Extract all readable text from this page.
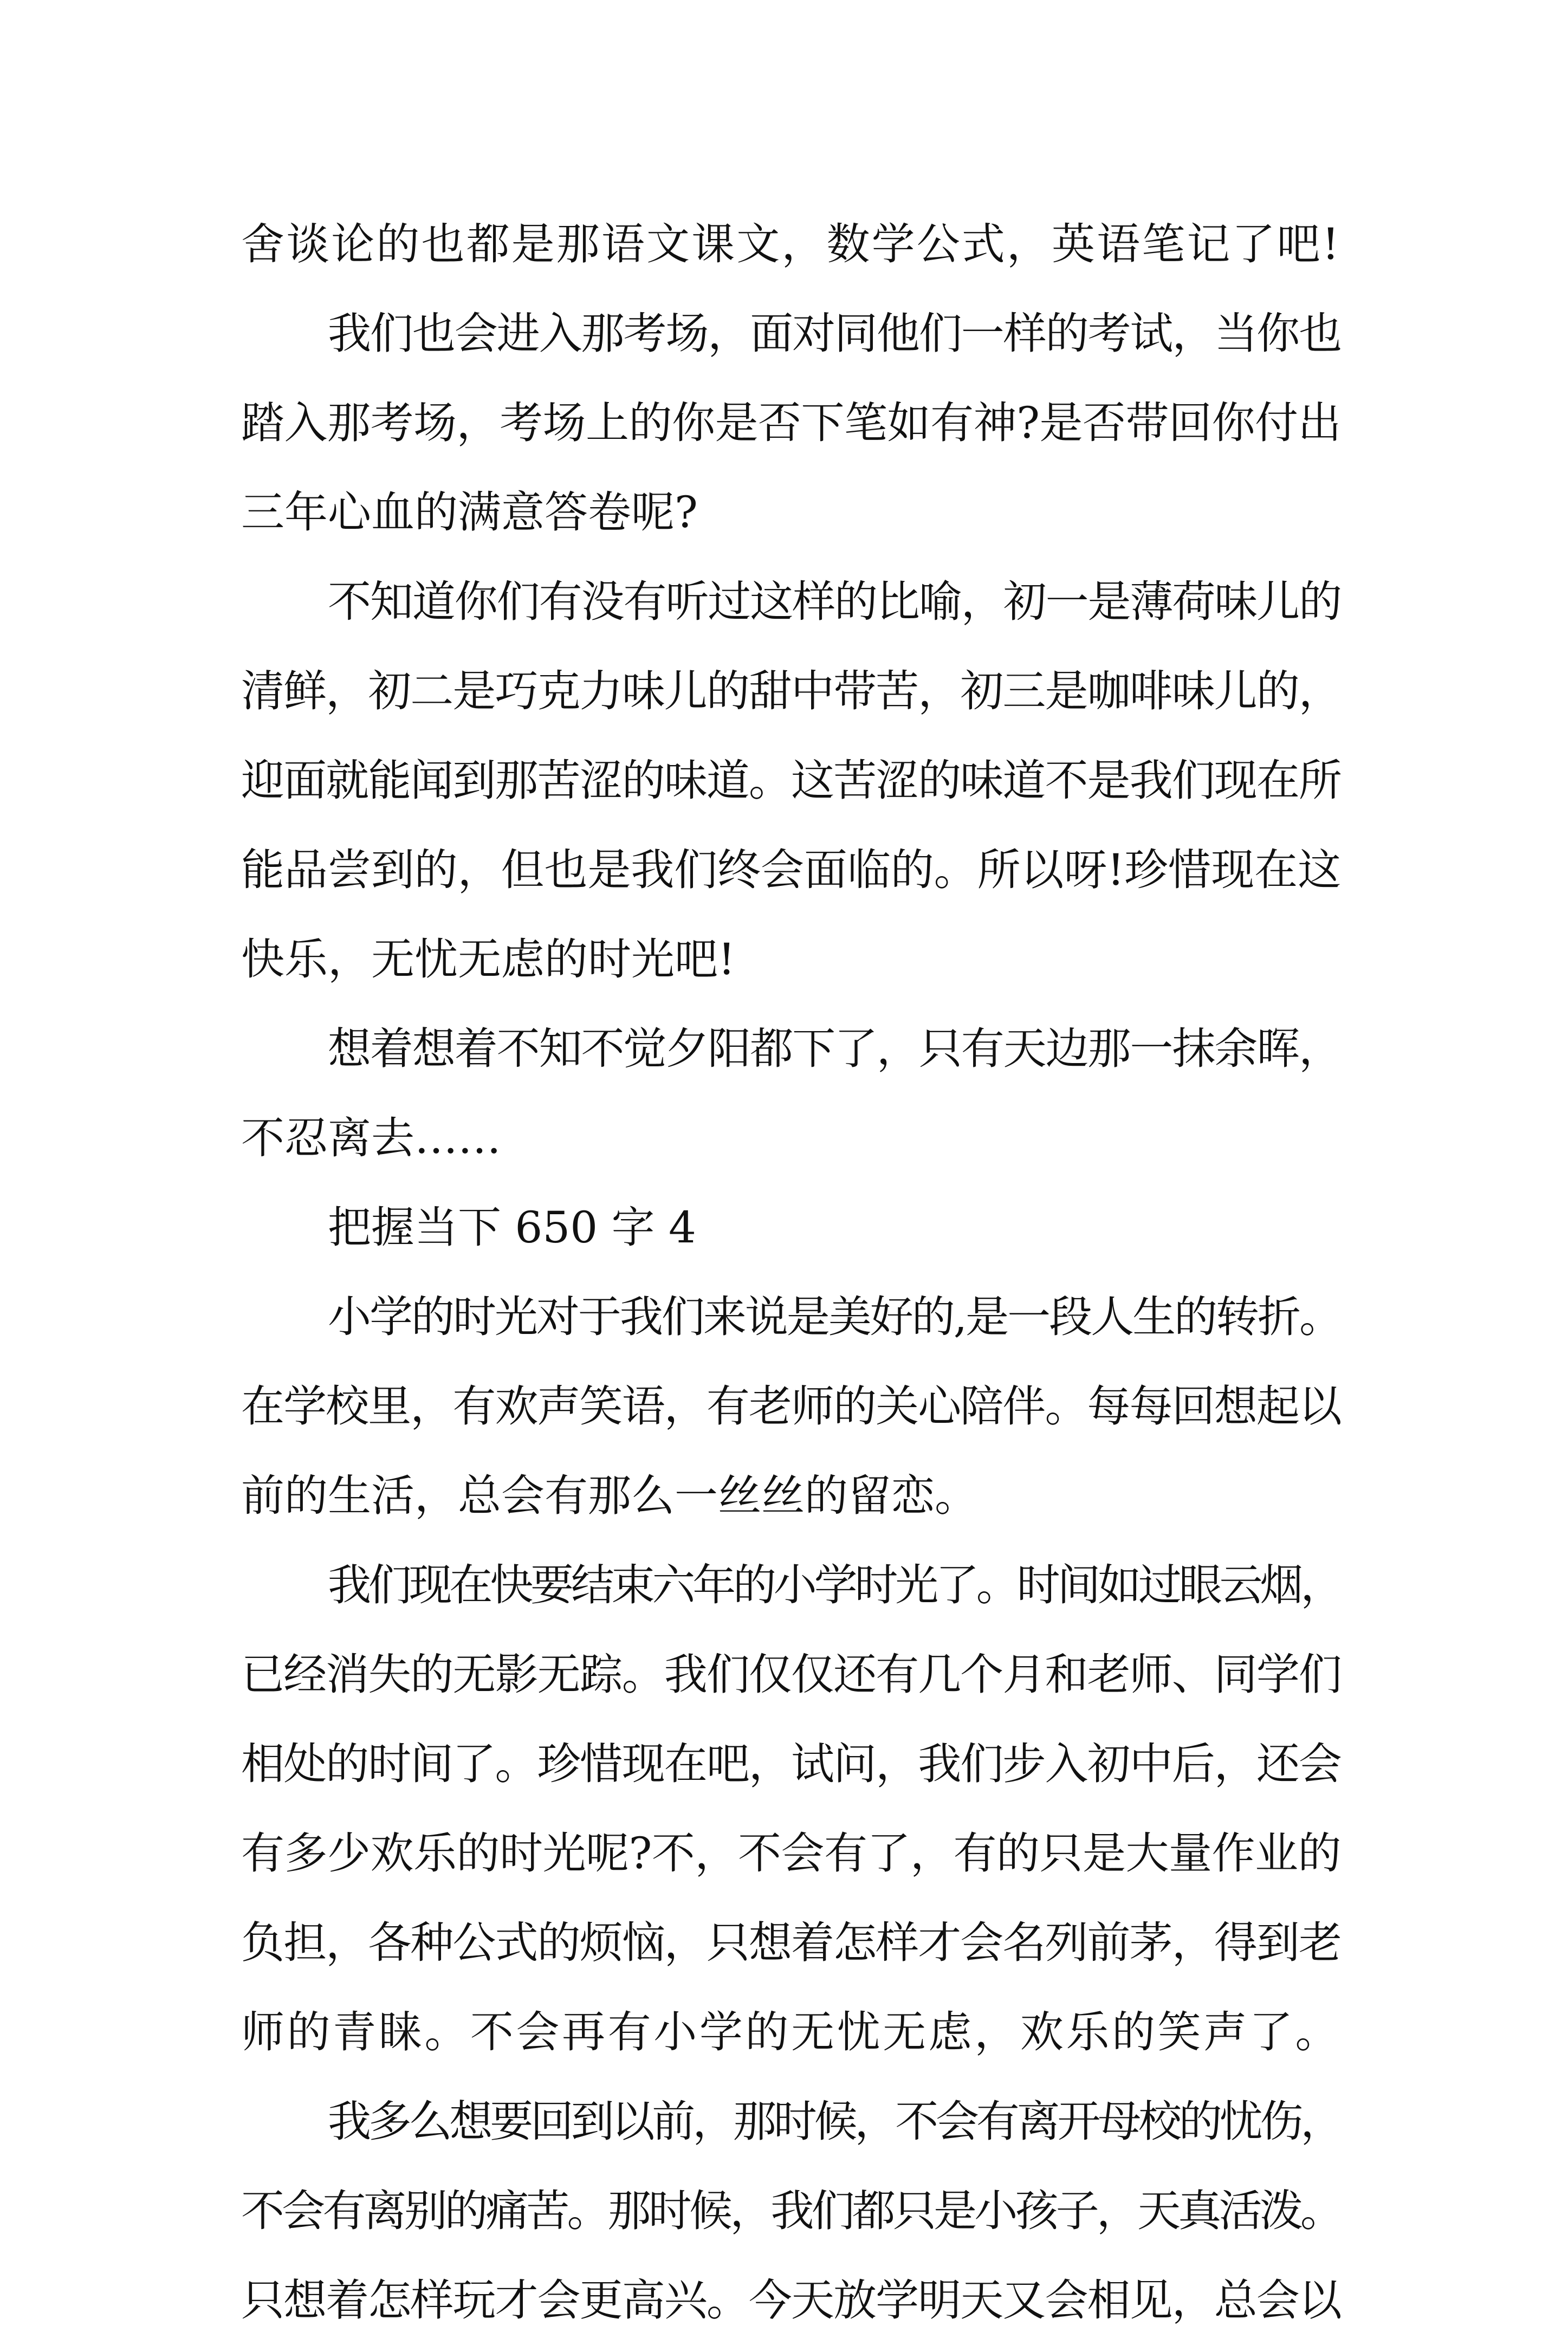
舍谈论的也都是那语文课文，数学公式，英语笔记了吧!
我们也会进入那考场，面对同他们一样的考试，当你也
踏入那考场，考场上的你是否下笔如有神?是否带回你付出
三年心血的满意答卷呢?
不知道你们有没有听过这样的比喻，初一是薄荷味儿的
清鲜，初二是巧克力味儿的甜中带苦，初三是咖啡味儿的，
迎面就能闻到那苦涩的味道。这苦涩的味道不是我们现在所
能品尝到的，但也是我们终会面临的。所以呀!珍惜现在这
快乐，无忧无虑的时光吧!
想着想着不知不觉夕阳都下了，只有天边那一抹余晖，
不忍离去……
把握当下 650 字 4
小学的时光对于我们来说是美好的,是一段人生的转折。
在学校里，有欢声笑语，有老师的关心陪伴。每每回想起以
前的生活，总会有那么一丝丝的留恋。
我们现在快要结束六年的小学时光了。时间如过眼云烟，
已经消失的无影无踪。我们仅仅还有几个月和老师、同学们
相处的时间了。珍惜现在吧，试问，我们步入初中后，还会
有多少欢乐的时光呢?不，不会有了，有的只是大量作业的
负担，各种公式的烦恼，只想着怎样才会名列前茅，得到老
师的青睐。不会再有小学的无忧无虑，欢乐的笑声了。
我多么想要回到以前，那时候，不会有离开母校的忧伤，
不会有离别的痛苦。那时候，我们都只是小孩子，天真活泼。
只想着怎样玩才会更高兴。今天放学明天又会相见，总会以
